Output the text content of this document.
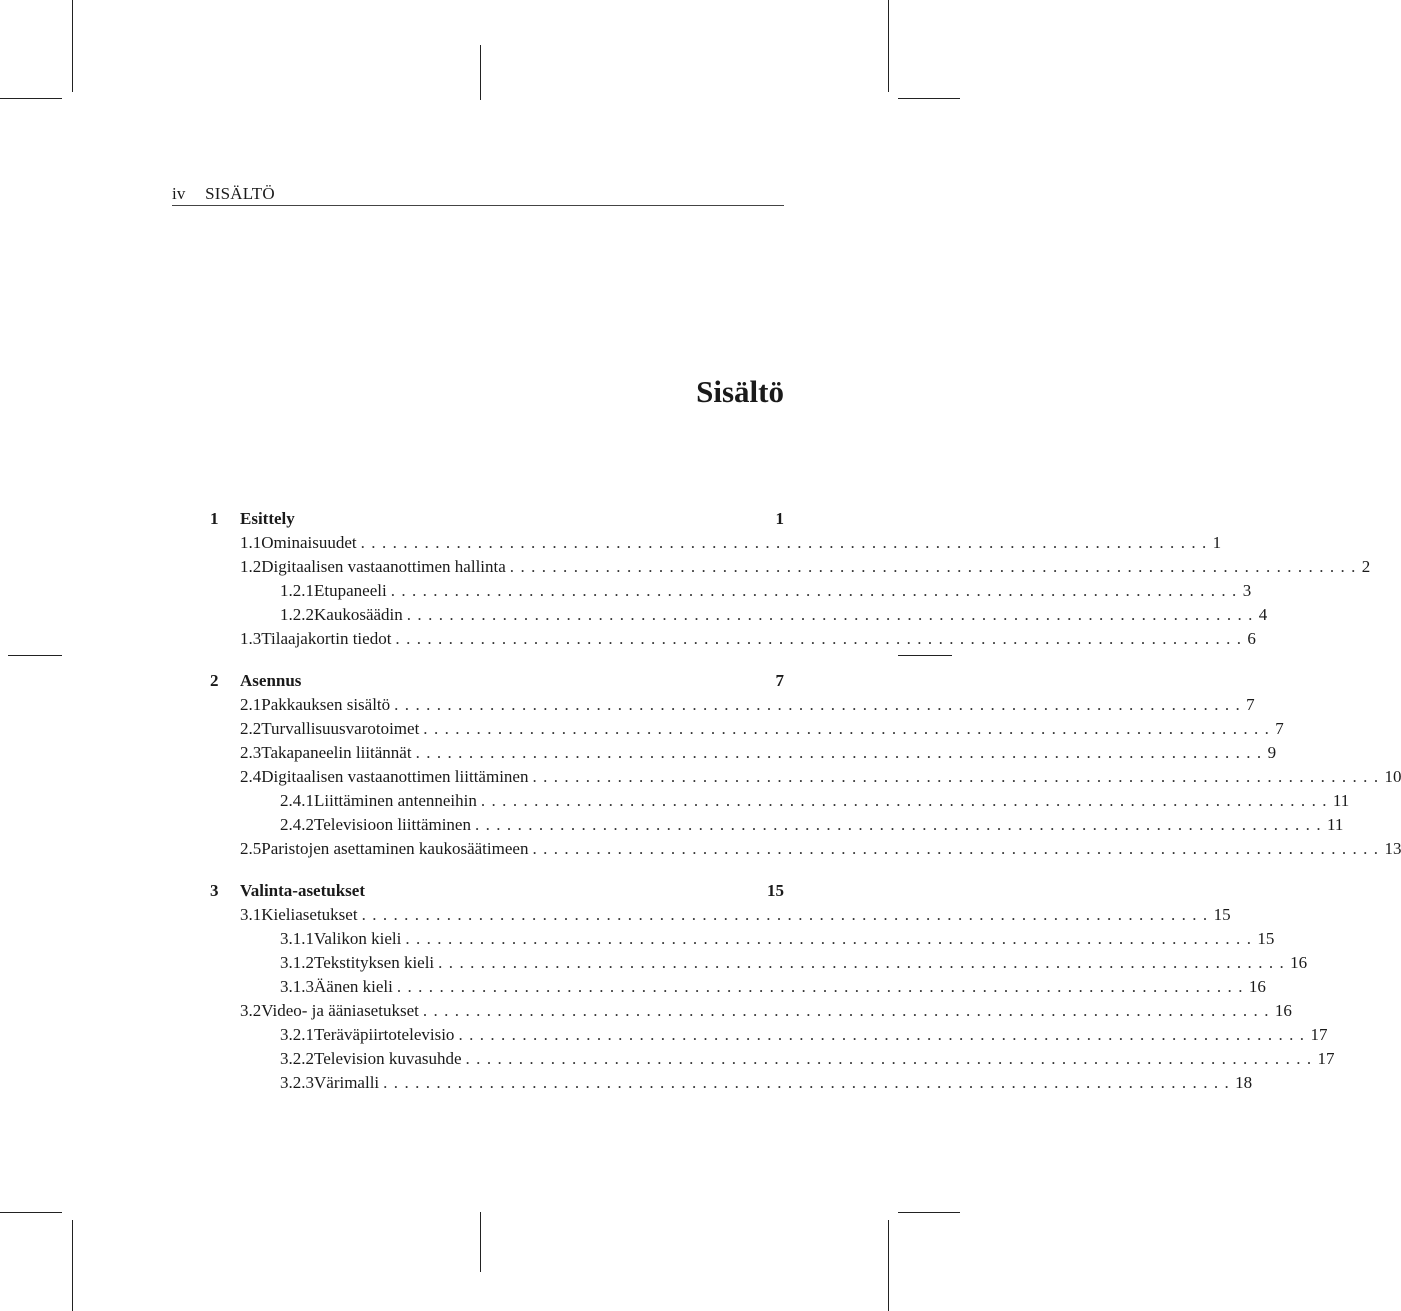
iv SISÄLTÖ
Sisältö
1	Esittely	1
1.1 Ominaisuudet ................................................................................ 1
1.2 Digitaalisen vastaanottimen hallinta ................................................................................ 2
1.2.1 Etupaneeli ................................................................................ 3
1.2.2 Kaukosäädin ................................................................................ 4
1.3 Tilaajakortin tiedot ................................................................................ 6
2	Asennus	7
2.1 Pakkauksen sisältö ................................................................................ 7
2.2 Turvallisuusvarotoimet ................................................................................ 7
2.3 Takapaneelin liitännät ................................................................................ 9
2.4 Digitaalisen vastaanottimen liittäminen ................................................................................ 10
2.4.1 Liittäminen antenneihin ................................................................................ 11
2.4.2 Televisioon liittäminen ................................................................................ 11
2.5 Paristojen asettaminen kaukosäätimeen ................................................................................ 13
3	Valinta-asetukset	15
3.1 Kieliasetukset ................................................................................ 15
3.1.1 Valikon kieli ................................................................................ 15
3.1.2 Tekstityksen kieli ................................................................................ 16
3.1.3 Äänen kieli ................................................................................ 16
3.2 Video- ja ääniasetukset ................................................................................ 16
3.2.1 Teräväpiirtotelevisio ................................................................................ 17
3.2.2 Television kuvasuhde ................................................................................ 17
3.2.3 Värimalli ................................................................................ 18
